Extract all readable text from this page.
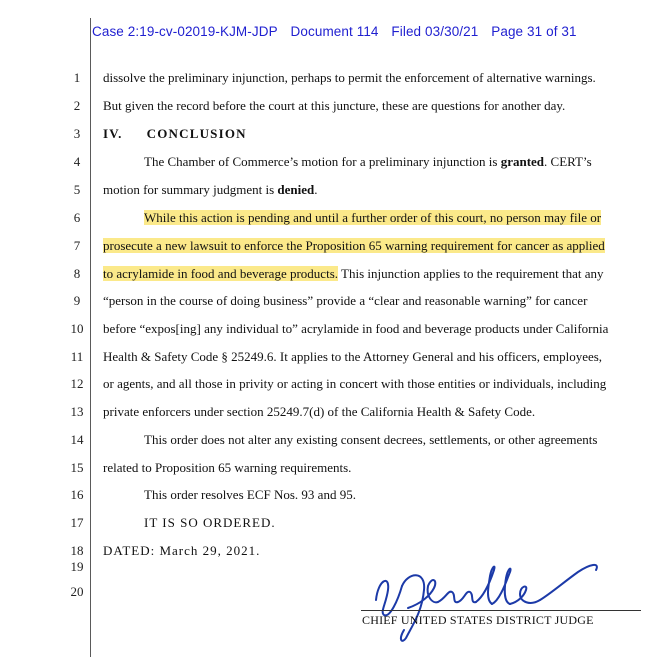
Case 2:19-cv-02019-KJM-JDP Document 114 Filed 03/30/21 Page 31 of 31
1
2
3
4
5
6
7
8
9
10
11
12
13
14
15
16
17
18
19
20
dissolve the preliminary injunction, perhaps to permit the enforcement of alternative warnings.
But given the record before the court at this juncture, these are questions for another day.
IV. CONCLUSION
The Chamber of Commerce’s motion for a preliminary injunction is granted. CERT’s
motion for summary judgment is denied.
While this action is pending and until a further order of this court, no person may file or
prosecute a new lawsuit to enforce the Proposition 65 warning requirement for cancer as applied
to acrylamide in food and beverage products. This injunction applies to the requirement that any
“person in the course of doing business” provide a “clear and reasonable warning” for cancer
before “expos[ing] any individual to” acrylamide in food and beverage products under California
Health & Safety Code § 25249.6. It applies to the Attorney General and his officers, employees,
or agents, and all those in privity or acting in concert with those entities or individuals, including
private enforcers under section 25249.7(d) of the California Health & Safety Code.
This order does not alter any existing consent decrees, settlements, or other agreements
related to Proposition 65 warning requirements.
This order resolves ECF Nos. 93 and 95.
IT IS SO ORDERED.
DATED: March 29, 2021.
CHIEF UNITED STATES DISTRICT JUDGE
